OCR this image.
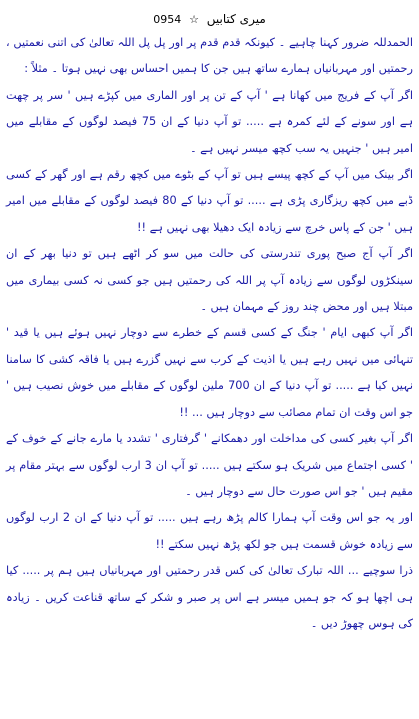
میری کتابیں ☆ 0954

الحمدللہ ضرور کہنا چاہیے ۔ کیونکہ قدم قدم پر اور پل پل اللہ تعالیٰ کی اتنی نعمتیں ، رحمتیں اور مہربانیاں ہمارے ساتھ ہیں جن کا ہمیں احساس بھی نہیں ہوتا ۔ مثلاً :

اگر آپ کے فریج میں کھانا ہے ' آپ کے تن پر اور الماری میں کپڑے ہیں ' سر پر چھت ہے اور سونے کے لئے کمرہ ہے ..... تو آپ دنیا کے ان 75 فیصد لوگوں کے مقابلے میں امیر ہیں ' جنہیں یہ سب کچھ میسر نہیں ہے ۔

اگر بینک میں آپ کے کچھ پیسے ہیں تو آپ کے بٹوے میں کچھ رقم ہے اور گھر کے کسی ڈبے میں کچھ ریزگاری پڑی ہے ..... تو آپ دنیا کے 80 فیصد لوگوں کے مقابلے میں امیر ہیں ' جن کے پاس خرچ سے زیادہ ایک دھیلا بھی نہیں ہے !!

اگر آپ آج صبح پوری تندرستی کی حالت میں سو کر اٹھے ہیں تو دنیا بھر کے ان سینکڑوں لوگوں سے زیادہ آپ پر اللہ کی رحمتیں ہیں جو کسی نہ کسی بیماری میں مبتلا ہیں اور محض چند روز کے مہمان ہیں ۔

اگر آپ کبھی ایام ' جنگ کے کسی قسم کے خطرے سے دوچار نہیں ہوئے ہیں یا قید ' تنہائی میں نہیں رہے ہیں یا اذیت کے کرب سے نہیں گزرے ہیں یا فاقہ کشی کا سامنا نہیں کیا ہے ..... تو آپ دنیا کے ان 700 ملین لوگوں کے مقابلے میں خوش نصیب ہیں ' جو اس وقت ان تمام مصائب سے دوچار ہیں ... !!

اگر آپ بغیر کسی کی مداخلت اور دھمکانے ' گرفتاری ' تشدد یا مارے جانے کے خوف کے ' کسی اجتماع میں شریک ہو سکتے ہیں ..... تو آپ ان 3 ارب لوگوں سے بہتر مقام پر مقیم ہیں ' جو اس صورت حال سے دوچار ہیں ۔

اور یہ جو اس وقت آپ ہمارا کالم پڑھ رہے ہیں ..... تو آپ دنیا کے ان 2 ارب لوگوں سے زیادہ خوش قسمت ہیں جو لکھ پڑھ نہیں سکتے !!

ذرا سوچیے ... اللہ تبارک تعالیٰ کی کس قدر رحمتیں اور مہربانیاں ہیں ہم پر ..... کیا ہی اچھا ہو کہ جو ہمیں میسر ہے اس پر صبر و شکر کے ساتھ قناعت کریں ۔ زیادہ کی ہوس چھوڑ دیں ۔
